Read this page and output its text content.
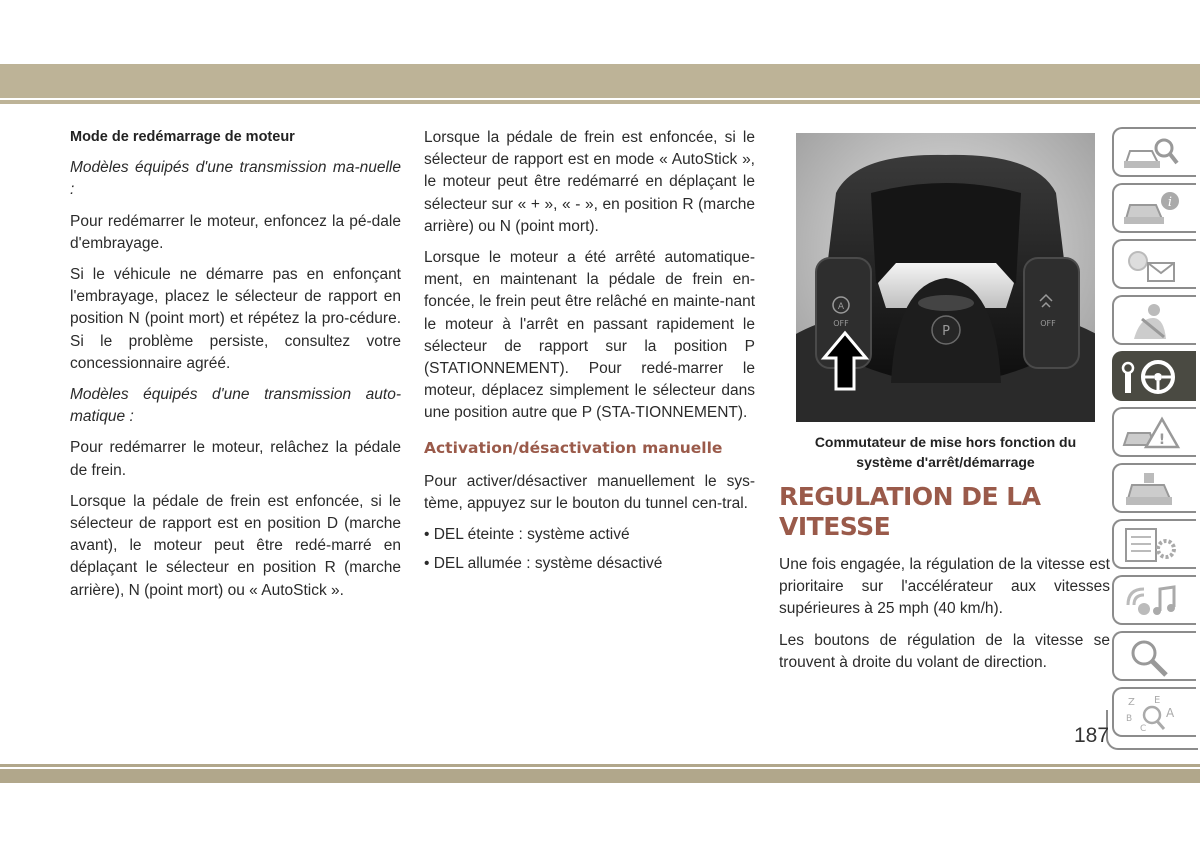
Mode de redémarrage de moteur

Modèles équipés d'une transmission ma-nuelle :

Pour redémarrer le moteur, enfoncez la pé-dale d'embrayage.

Si le véhicule ne démarre pas en enfonçant l'embrayage, placez le sélecteur de rapport en position N (point mort) et répétez la pro-cédure. Si le problème persiste, consultez votre concessionnaire agréé.

Modèles équipés d'une transmission auto-matique :

Pour redémarrer le moteur, relâchez la pédale de frein.

Lorsque la pédale de frein est enfoncée, si le sélecteur de rapport est en position D (marche avant), le moteur peut être redé-marré en déplaçant le sélecteur en position R (marche arrière), N (point mort) ou « AutoStick ».

Lorsque la pédale de frein est enfoncée, si le sélecteur de rapport est en mode « AutoStick », le moteur peut être redémarré en déplaçant le sélecteur sur « + », « - », en position R (marche arrière) ou N (point mort).

Lorsque le moteur a été arrêté automatique-ment, en maintenant la pédale de frein en-foncée, le frein peut être relâché en mainte-nant le moteur à l'arrêt en passant rapidement le sélecteur de rapport sur la position P (STATIONNEMENT). Pour redé-marrer le moteur, déplacez simplement le sélecteur dans une position autre que P (STA-TIONNEMENT).

Activation/désactivation manuelle

Pour activer/désactiver manuellement le sys-tème, appuyez sur le bouton du tunnel cen-tral.

• DEL éteinte : système activé

• DEL allumée : système désactivé

P
A
OFF	OFF
Commutateur de mise hors fonction du
système d'arrêt/démarrage
REGULATION DE LA
VITESSE

Une fois engagée, la régulation de la vitesse est prioritaire sur l'accélérateur aux vitesses supérieures à 25 mph (40 km/h).

Les boutons de régulation de la vitesse se trouvent à droite du volant de direction.

i
!
Z E
B	A
C
187
